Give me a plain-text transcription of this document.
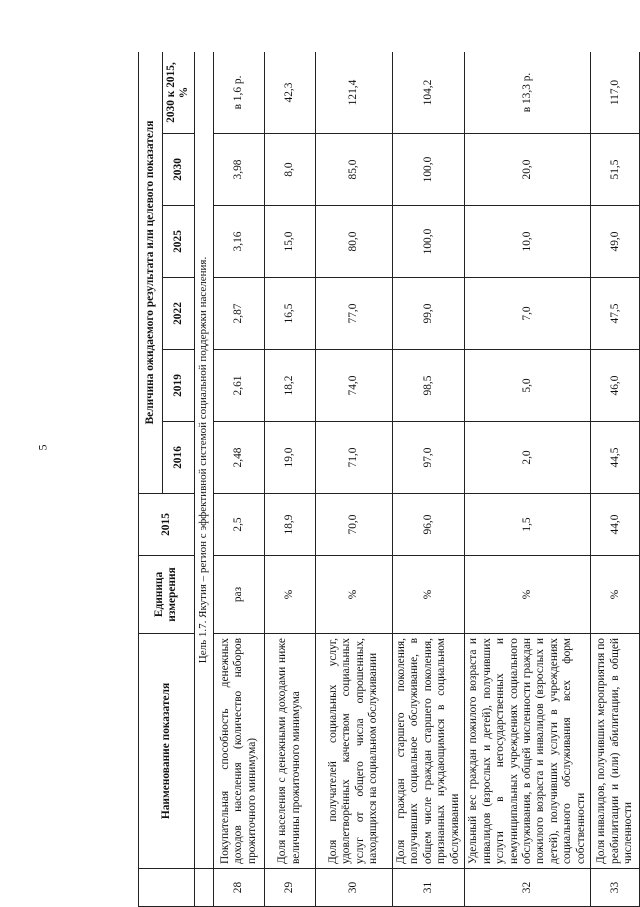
5
	Наименование показателя	Единица измерения	2015	Величина ожидаемого результата или целевого показателя					
				2016	2019	2022	2025	2030	2030 к 2015, %
	Цель 1.7. Якутия – регион с эффективной системой социальной поддержки населения.								
28	Покупательная способность денежных доходов населения (количество наборов прожиточного минимума)	раз	2,5	2,48	2,61	2,87	3,16	3,98	в 1,6 р.
29	Доля населения с денежными доходами ниже величины прожиточного минимума	%	18,9	19,0	18,2	16,5	15,0	8,0	42,3
30	Доля получателей социальных услуг, удовлетворённых качеством социальных услуг от общего числа опрошенных, находящихся на социальном обслуживании	%	70,0	71,0	74,0	77,0	80,0	85,0	121,4
31	Доля граждан старшего поколения, получивших социальное обслуживание, в общем числе граждан старшего поколения, признанных нуждающимися в социальном обслуживании	%	96,0	97,0	98,5	99,0	100,0	100,0	104,2
32	Удельный вес граждан пожилого возраста и инвалидов (взрослых и детей), получивших услуги в негосударственных и немуниципальных учреждениях социального обслуживания, в общей численности граждан пожилого возраста и инвалидов (взрослых и детей), получивших услуги в учреждениях социального обслуживания всех форм собственности	%	1,5	2,0	5,0	7,0	10,0	20,0	в 13,3 р.
33	Доля инвалидов, получивших мероприятия по реабилитации и (или) абилитации, в общей численности	%	44,0	44,5	46,0	47,5	49,0	51,5	117,0
